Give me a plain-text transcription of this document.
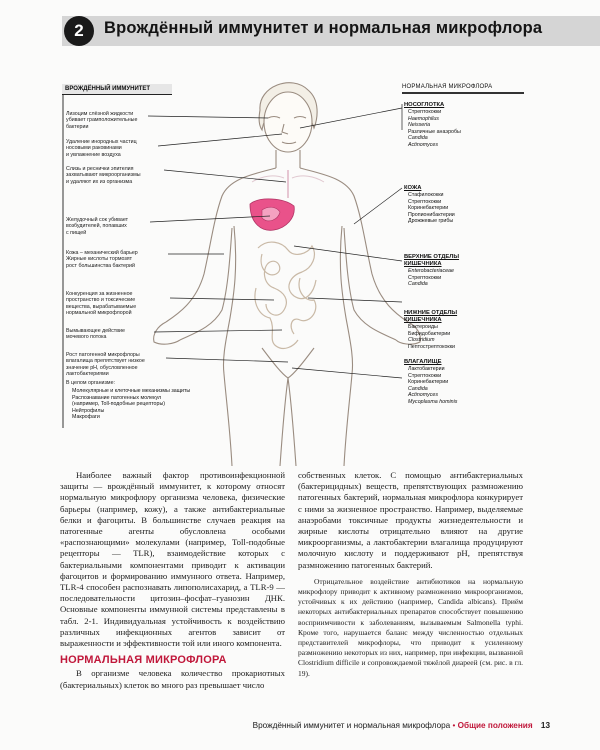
2	Врождённый иммунитет и нормальная микрофлора
ВРОЖДЁННЫЙ ИММУНИТЕТ
Лизоцим слёзной жидкости
убивает грамположительные
бактерии
Удаление инородных частиц
носовыми раковинами
и увлажнение воздуха
Слизь и реснички эпителия
захватывают микроорганизмы
и удаляют их из организма
Желудочный сок убивает
возбудителей, попавших
с пищей
Кожа – механический барьер
Жирные кислоты тормозят
рост большинства бактерий
Конкуренция за жизненное
пространство и токсические
вещества, вырабатываемые
нормальной микрофлорой
Вымывающее действие
мочевого потока
Рост патогенной микрофлоры
влагалища препятствует низкое
значение рН, обусловленное
лактобактериями
В целом организме:
Молекулярные и клеточные механизмы защиты
Распознавание патогенных молекул
(например, Toll-подобные рецепторы)
Нейтрофилы
Макрофаги
НОРМАЛЬНАЯ МИКРОФЛОРА
НОСОГЛОТКА
Стрептококки
Haemophilus
Neisseria
Различные анаэробы
Candida
Actinomyces
КОЖА
Стафилококки
Стрептококки
Коринебактерии
Пропионибактерии
Дрожжевые грибы
ВЕРХНИЕ ОТДЕЛЫ КИШЕЧНИКА
Enterobacteriaceae
Стрептококки
Candida
НИЖНИЕ ОТДЕЛЫ КИШЕЧНИКА
Бактероиды
Бифидобактерии
Clostridium
Пептострептококки
ВЛАГАЛИЩЕ
Лактобактерии
Стрептококки
Коринебактерии
Candida
Actinomyces
Mycoplasma hominis

Наиболее важный фактор противоинфекционной защиты — врождённый иммунитет, к которому относят нормальную микрофлору организма человека, физические барьеры (например, кожу), а также антибактериальные белки и фагоциты. В большинстве случаев реакция на патогенные агенты обусловлена особыми «распознающими» молекулами (например, Toll-подобные рецепторы — TLR), взаимодействие которых с бактериальными компонентами приводит к активации фагоцитов и формированию иммунного ответа. Например, TLR-4 способен распознавать липополисахарид, а TLR-9 — последовательности цитозин–фосфат–гуанозин ДНК. Основные компоненты иммунной системы представлены в табл. 2-1. Индивидуальная устойчивость к воздействию различных инфекционных агентов зависит от выраженности и эффективности той или иного компонента.

НОРМАЛЬНАЯ МИКРОФЛОРА

В организме человека количество прокариотных (бактериальных) клеток во много раз превышает число

собственных клеток. С помощью антибактериальных (бактерицидных) веществ, препятствующих размножению патогенных бактерий, нормальная микрофлора конкурирует с ними за жизненное пространство. Например, выделяемые анаэробами токсичные продукты жизнедеятельности и жирные кислоты отрицательно влияют на другие микроорганизмы, а лактобактерии влагалища продуцируют молочную кислоту и поддерживают рН, препятствуя размножению патогенных бактерий.

Отрицательное воздействие антибиотиков на нормальную микрофлору приводит к активному размножению микроорганизмов, устойчивых к их действию (например, Candida albicans). Приём некоторых антибактериальных препаратов способствует повышению восприимчивости к заболеваниям, вызываемым Salmonella typhi. Кроме того, нарушается баланс между численностью отдельных представителей микрофлоры, что приводит к усиленному размножению некоторых из них, например, при инфекции, вызванной Clostridium difficile и сопровождаемой тяжёлой диареей (см. рис. в гл. 19).

Врождённый иммунитет и нормальная микрофлора • Общие положения 13
